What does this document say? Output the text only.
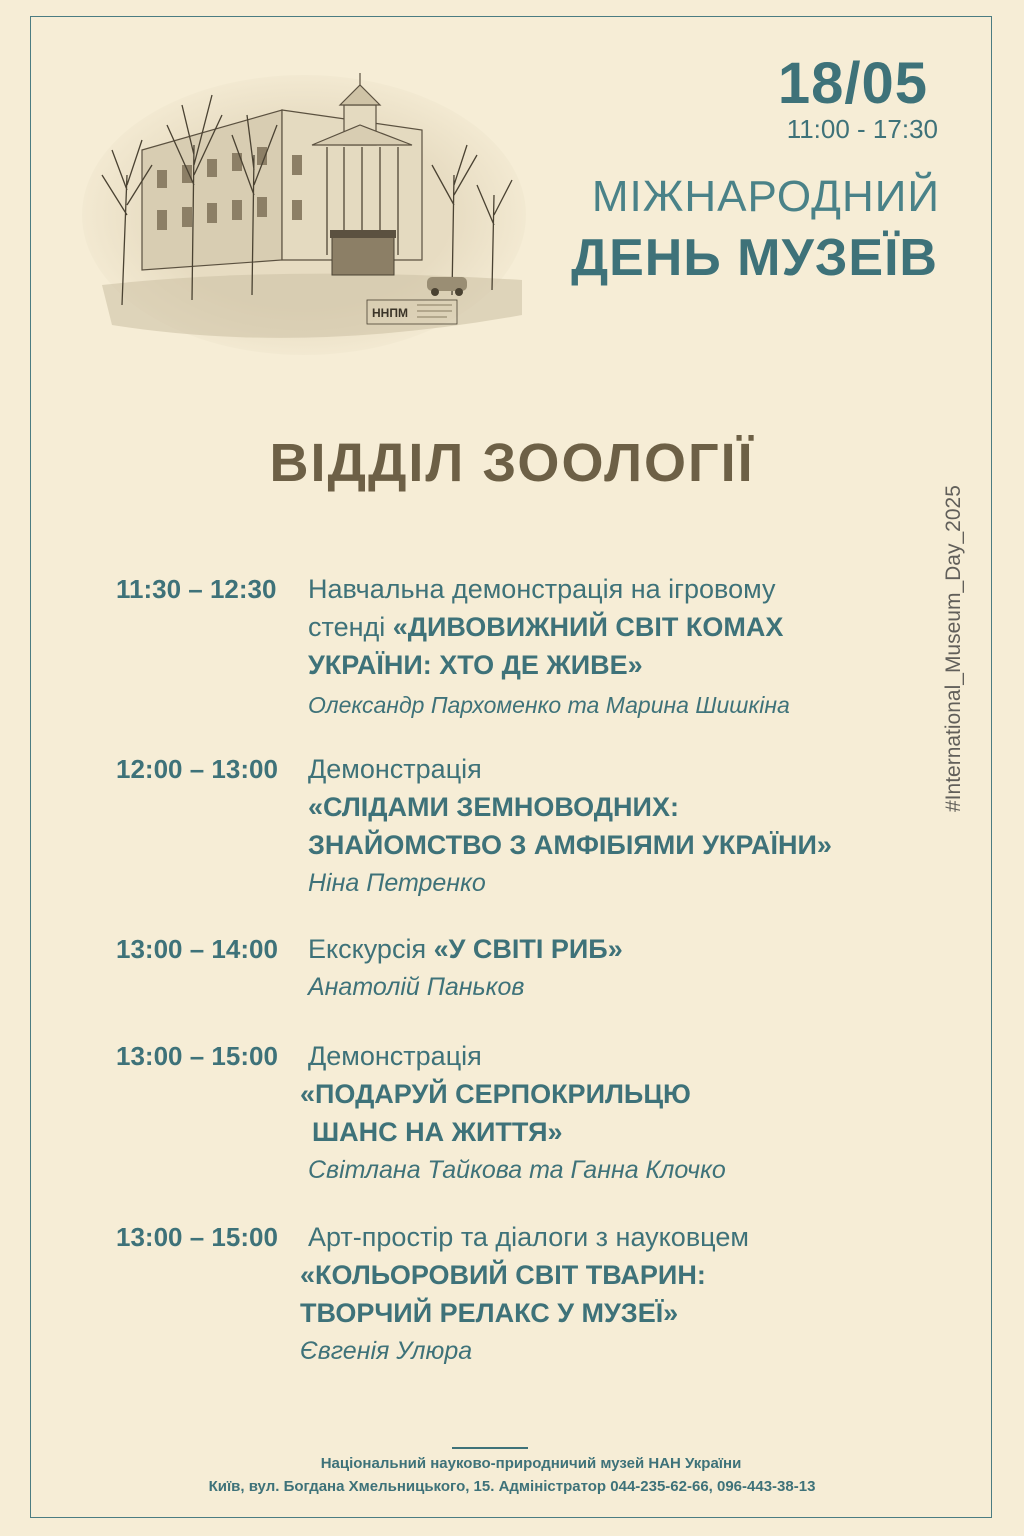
ННПМ
18/05
11:00 - 17:30
МІЖНАРОДНИЙ
ДЕНЬ МУЗЕЇВ
#International_Museum_Day_2025
ВІДДІЛ ЗООЛОГІЇ
11:30 – 12:30 Навчальна демонстрація на ігровому
стенді «ДИВОВИЖНИЙ СВІТ КОМАХ
УКРАЇНИ: ХТО ДЕ ЖИВЕ»
Олександр Пархоменко та Марина Шишкіна
12:00 – 13:00 Демонстрація
«СЛІДАМИ ЗЕМНОВОДНИХ:
ЗНАЙОМСТВО З АМФІБІЯМИ УКРАЇНИ»
Ніна Петренко
13:00 – 14:00 Екскурсія «У СВІТІ РИБ»
Анатолій Паньков
13:00 – 15:00 Демонстрація
«ПОДАРУЙ СЕРПОКРИЛЬЦЮ
ШАНС НА ЖИТТЯ»
Світлана Тайкова та Ганна Клочко
13:00 – 15:00 Арт-простір та діалоги з науковцем
«КОЛЬОРОВИЙ СВІТ ТВАРИН:
ТВОРЧИЙ РЕЛАКС У МУЗЕЇ»
Євгенія Улюра
Національний науково-природничий музей НАН України
Київ, вул. Богдана Хмельницького, 15. Адміністратор 044-235-62-66, 096-443-38-13
